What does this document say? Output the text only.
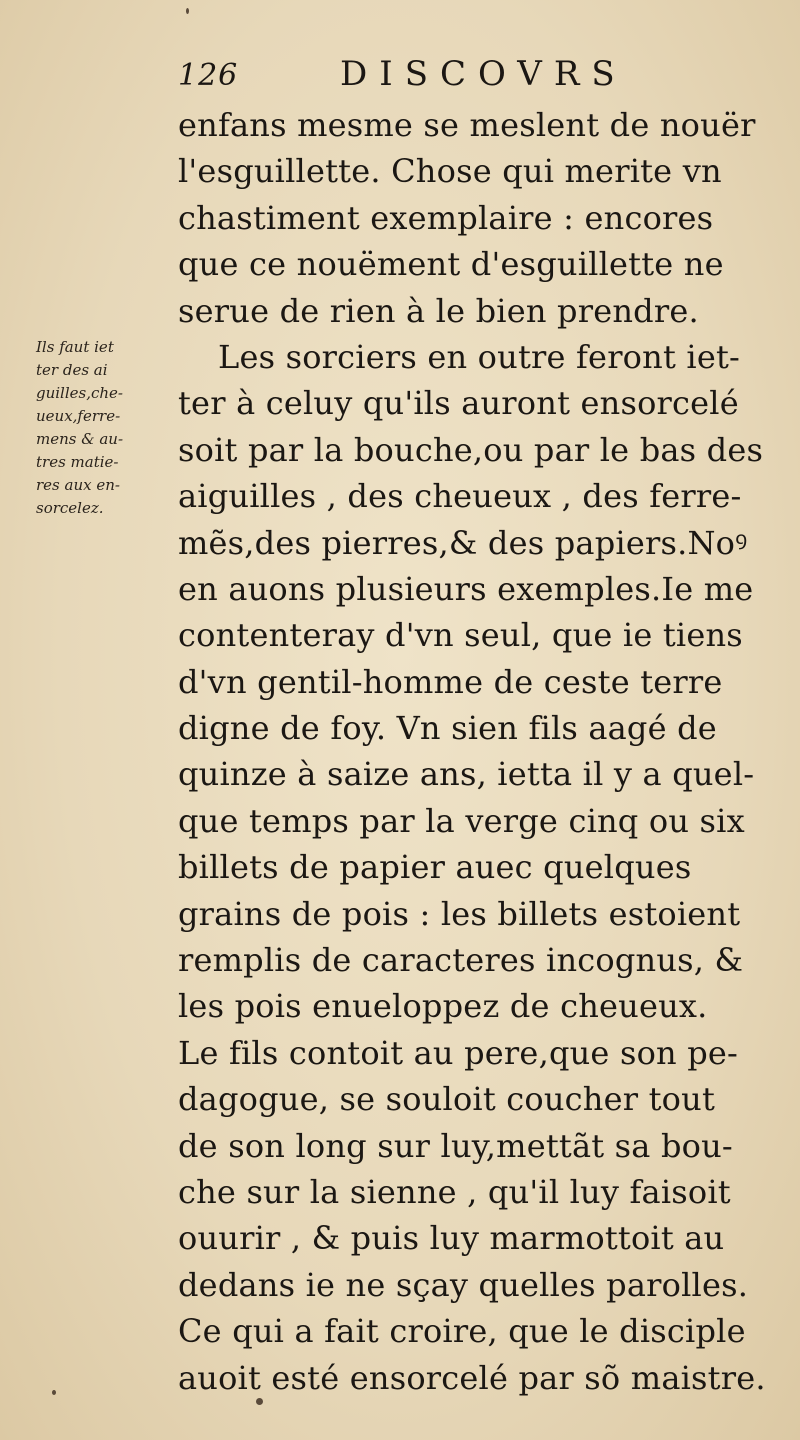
126	DISCOVRS
Ils faut iet
ter des ai
guilles,che-
ueux,ferre-
mens & au-
tres matie-
res aux en-
sorcelez.
enfans mesme se meslent de nouër
l'esguillette. Chose qui merite vn
chastiment exemplaire : encores
que ce nouëment d'esguillette ne
serue de rien à le bien prendre.
Les sorciers en outre feront iet-
ter à celuy qu'ils auront ensorcelé
soit par la bouche,ou par le bas des
aiguilles , des cheueux , des ferre-
mẽs,des pierres,& des papiers.Noꝰ
en auons plusieurs exemples.Ie me
contenteray d'vn seul, que ie tiens
d'vn gentil-homme de ceste terre
digne de foy. Vn sien fils aagé de
quinze à saize ans, ietta il y a quel-
que temps par la verge cinq ou six
billets de papier auec quelques
grains de pois : les billets estoient
remplis de caracteres incognus, &
les pois enueloppez de cheueux.
Le fils contoit au pere,que son pe-
dagogue, se souloit coucher tout
de son long sur luy,mettãt sa bou-
che sur la sienne , qu'il luy faisoit
ouurir , & puis luy marmottoit au
dedans ie ne sçay quelles parolles.
Ce qui a fait croire, que le disciple
auoit esté ensorcelé par sõ maistre.
